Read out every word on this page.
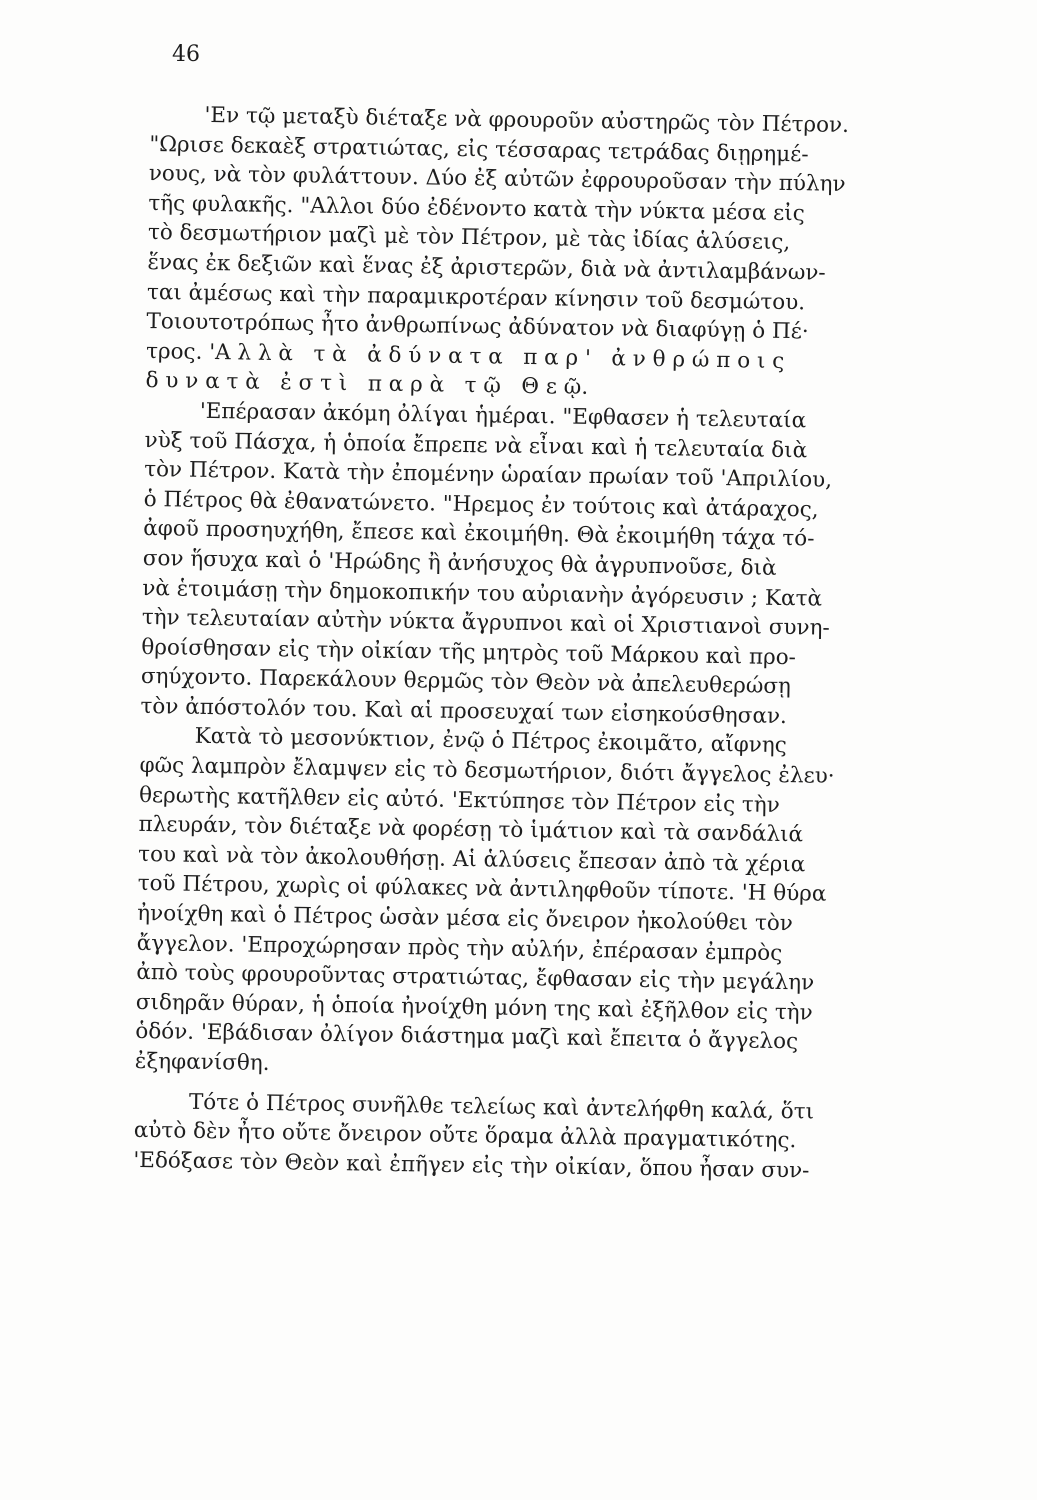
46
'Εν τῷ μεταξὺ διέταξε νὰ φρουροῦν αὐστηρῶς τὸν Πέτρον.
"Ωρισε δεκαὲξ στρατιώτας, εἰς τέσσαρας τετράδας διῃρημέ-
νους, νὰ τὸν φυλάττουν. Δύο ἐξ αὐτῶν ἐφρουροῦσαν τὴν πύλην
τῆς φυλακῆς. "Αλλοι δύο ἐδένοντο κατὰ τὴν νύκτα μέσα εἰς
τὸ δεσμωτήριον μαζὶ μὲ τὸν Πέτρον, μὲ τὰς ἰδίας ἁλύσεις,
ἕνας ἐκ δεξιῶν καὶ ἕνας ἐξ ἀριστερῶν, διὰ νὰ ἀντιλαμβάνων-
ται ἀμέσως καὶ τὴν παραμικροτέραν κίνησιν τοῦ δεσμώτου.
Τοιουτοτρόπως ἦτο ἀνθρωπίνως ἀδύνατον νὰ διαφύγῃ ὁ Πέ·
τρος. 'Α λ λ ὰ   τ ὰ   ἀ δ ύ ν α τ α   π α ρ '   ἀ ν θ ρ ώ π ο ι ς
δ υ ν α τ ὰ   ἐ σ τ ὶ   π α ρ ὰ   τ ῷ   Θ ε ῷ.
'Επέρασαν ἀκόμη ὀλίγαι ἡμέραι. "Εφθασεν ἡ τελευταία
νὺξ τοῦ Πάσχα, ἡ ὁποία ἔπρεπε νὰ εἶναι καὶ ἡ τελευταία διὰ
τὸν Πέτρον. Κατὰ τὴν ἐπομένην ὡραίαν πρωίαν τοῦ 'Απριλίου,
ὁ Πέτρος θὰ ἐθανατώνετο. "Ηρεμος ἐν τούτοις καὶ ἀτάραχος,
ἀφοῦ προσηυχήθη, ἔπεσε καὶ ἐκοιμήθη. Θὰ ἐκοιμήθη τάχα τό-
σον ἥσυχα καὶ ὁ 'Ηρώδης ἢ ἀνήσυχος θὰ ἀγρυπνοῦσε, διὰ
νὰ ἑτοιμάσῃ τὴν δημοκοπικήν του αὐριανὴν ἀγόρευσιν ; Κατὰ
τὴν τελευταίαν αὐτὴν νύκτα ἄγρυπνοι καὶ οἱ Χριστιανοὶ συνη-
θροίσθησαν εἰς τὴν οἰκίαν τῆς μητρὸς τοῦ Μάρκου καὶ προ-
σηύχοντο. Παρεκάλουν θερμῶς τὸν Θεὸν νὰ ἀπελευθερώσῃ
τὸν ἀπόστολόν του. Καὶ αἱ προσευχαί των εἰσηκούσθησαν.
Κατὰ τὸ μεσονύκτιον, ἐνῷ ὁ Πέτρος ἐκοιμᾶτο, αἴφνης
φῶς λαμπρὸν ἔλαμψεν εἰς τὸ δεσμωτήριον, διότι ἄγγελος ἐλευ·
θερωτὴς κατῆλθεν εἰς αὐτό. 'Εκτύπησε τὸν Πέτρον εἰς τὴν
πλευράν, τὸν διέταξε νὰ φορέσῃ τὸ ἱμάτιον καὶ τὰ σανδάλιά
του καὶ νὰ τὸν ἀκολουθήσῃ. Αἱ ἁλύσεις ἔπεσαν ἀπὸ τὰ χέρια
τοῦ Πέτρου, χωρὶς οἱ φύλακες νὰ ἀντιληφθοῦν τίποτε. 'Η θύρα
ἠνοίχθη καὶ ὁ Πέτρος ὡσὰν μέσα εἰς ὄνειρον ἠκολούθει τὸν
ἄγγελον. 'Επροχώρησαν πρὸς τὴν αὐλήν, ἐπέρασαν ἐμπρὸς
ἀπὸ τοὺς φρουροῦντας στρατιώτας, ἔφθασαν εἰς τὴν μεγάλην
σιδηρᾶν θύραν, ἡ ὁποία ἠνοίχθη μόνη της καὶ ἐξῆλθον εἰς τὴν
ὁδόν. 'Εβάδισαν ὀλίγον διάστημα μαζὶ καὶ ἔπειτα ὁ ἄγγελος
ἐξηφανίσθη.
Τότε ὁ Πέτρος συνῆλθε τελείως καὶ ἀντελήφθη καλά, ὅτι
αὐτὸ δὲν ἦτο οὔτε ὄνειρον οὔτε ὅραμα ἀλλὰ πραγματικότης.
'Εδόξασε τὸν Θεὸν καὶ ἐπῆγεν εἰς τὴν οἰκίαν, ὅπου ἦσαν συν-
